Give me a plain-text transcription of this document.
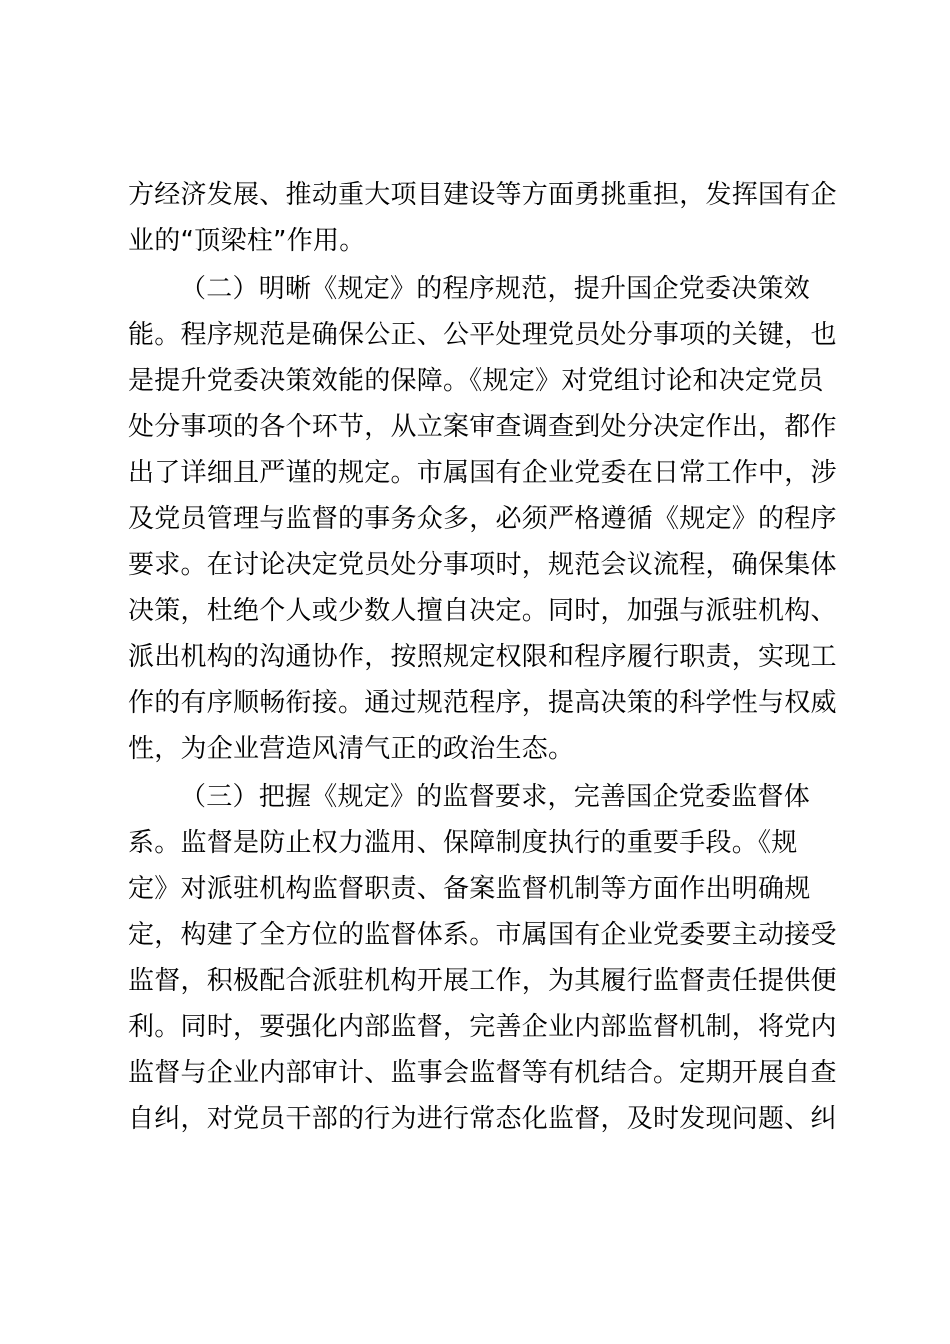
方经济发展、推动重大项目建设等方面勇挑重担，发挥国有企
业的“顶梁柱”作用。
（二）明晰《规定》的程序规范，提升国企党委决策效
能。程序规范是确保公正、公平处理党员处分事项的关键，也
是提升党委决策效能的保障。《规定》对党组讨论和决定党员
处分事项的各个环节，从立案审查调查到处分决定作出，都作
出了详细且严谨的规定。市属国有企业党委在日常工作中，涉
及党员管理与监督的事务众多，必须严格遵循《规定》的程序
要求。在讨论决定党员处分事项时，规范会议流程，确保集体
决策，杜绝个人或少数人擅自决定。同时，加强与派驻机构、
派出机构的沟通协作，按照规定权限和程序履行职责，实现工
作的有序顺畅衔接。通过规范程序，提高决策的科学性与权威
性，为企业营造风清气正的政治生态。
（三）把握《规定》的监督要求，完善国企党委监督体
系。监督是防止权力滥用、保障制度执行的重要手段。《规
定》对派驻机构监督职责、备案监督机制等方面作出明确规
定，构建了全方位的监督体系。市属国有企业党委要主动接受
监督，积极配合派驻机构开展工作，为其履行监督责任提供便
利。同时，要强化内部监督，完善企业内部监督机制，将党内
监督与企业内部审计、监事会监督等有机结合。定期开展自查
自纠，对党员干部的行为进行常态化监督，及时发现问题、纠
